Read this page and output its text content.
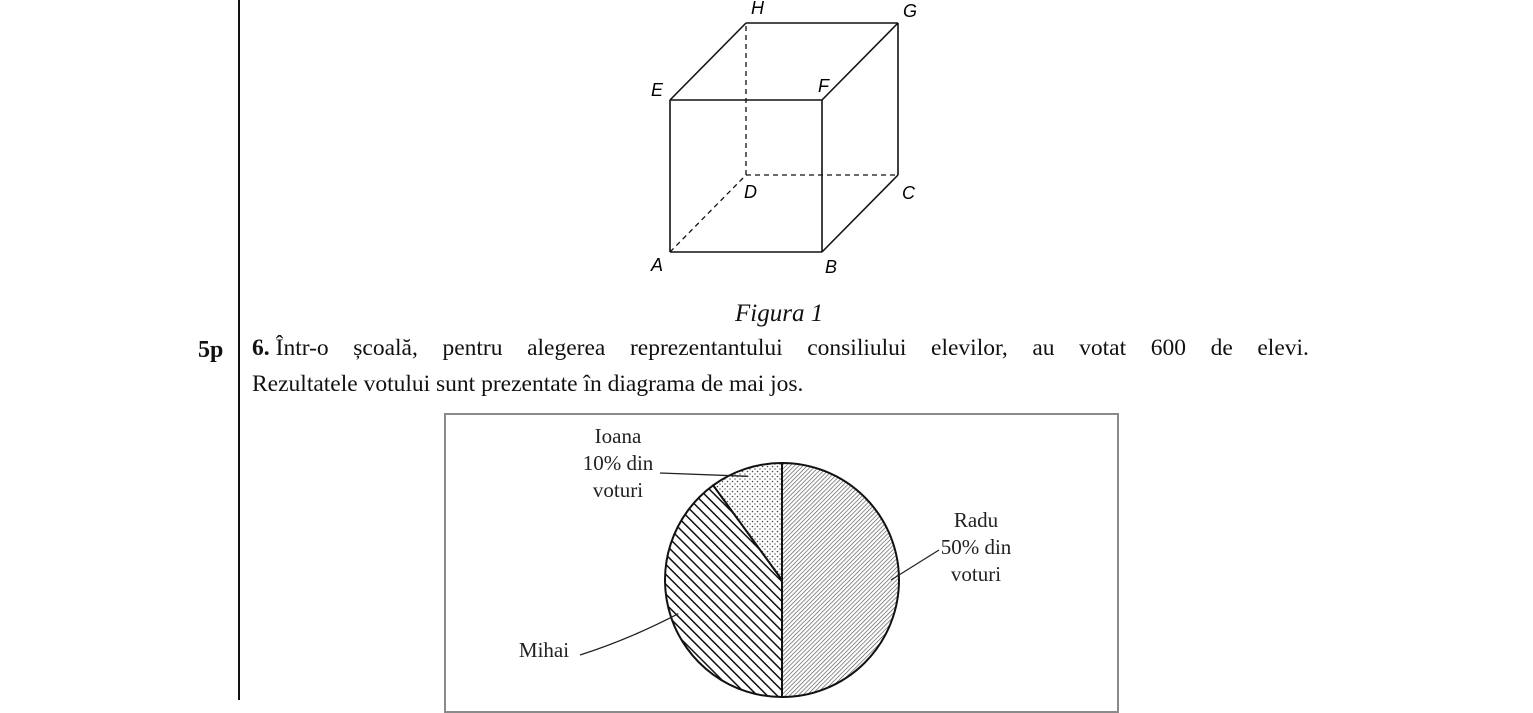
A	B
C
D
E	F
G
H
Figura 1
5p 6. Într-o școală, pentru alegerea reprezentantului consiliului elevilor, au votat 600 de elevi.
Rezultatele votului sunt prezentate în diagrama de mai jos.
Radu
50% din
voturi
Mihai
Ioana
10% din
voturi
